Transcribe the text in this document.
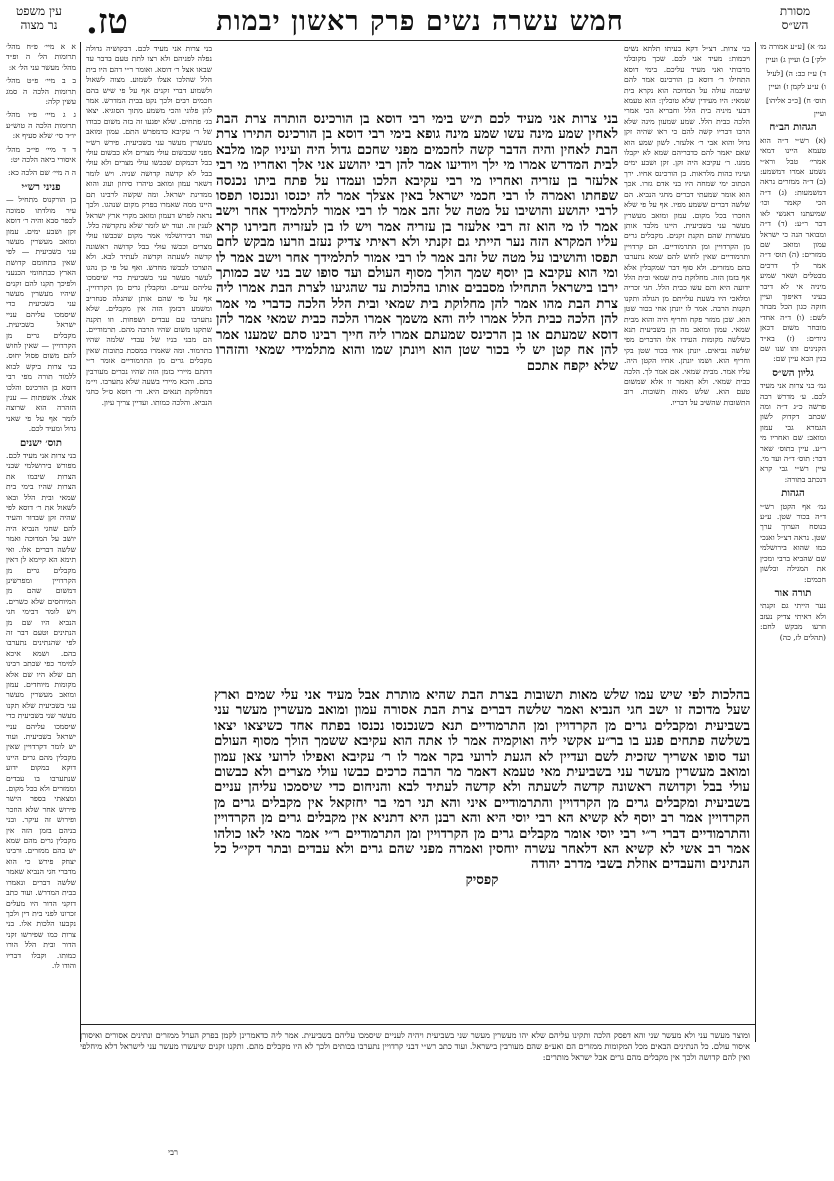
מסורת
הש״ס
חמש עשרה נשים פרק ראשון יבמות
טז.
עין משפט
נר מצוה

גמ׳ א) [ע״ע אמורה מו

ילק׳] ב) ועיין ג) ועיין

ד) ע״ז כב: ה) [לעיל

ו) ע״ע לקמן ז) ועיין

תוס׳ ח) [כ״כ אליהו]

ועיין

הגהות הב״ח

(א) רש״י ד״ה הוא טעמא היינו דמאי אמרי׳ טבל ורא״י נשמע אמרו דמשמע: (ב) ד״ה ממזרים נראה דמשמעות: (ג) ד״ה הכי קאמר וכו׳ שמיעתנו דאנשי לאו דבר ר״ע: (ד) ד״ה ומבואר הנה כי ישראל עמון ומואב שם ממזרים: (ה) תוס׳ ד״ה אמר לך דרכים מבטלים ושאר שמיע מיניה אי לא דיבר בעיני דאיפוך ועיין חזקה כגון הכל מבחר לשם: (ו) ד״ה אחדי מובחר משום דכאן גיורים: (ז) בא״ד הקנינים ותו שנו שם בנין הכא עיין שם:

גליון הש״ס

גמ׳ בני צרות אני מעיד לכם. ע׳ מדרש רבה פרשה כ״ג ד״ה ומה שכתב דקדוק לשון הגמרא גבי עמון ומואב: שם ואחריו מי ר״ע. עיין בתוס׳ שאר דבר: תוס׳ ד״ה ועד מי. עיין רש״י גבי קרא דנכתב בתורה:

הגהות

גמ׳ אף הקטן רש״י ד״ה בכור שטן. ע״ע בנוסח הערוך ערך שטן. נראה דצ״ל ואנכי כמו שהוא בירושלמי שם שהביא ברבי ומכין את המגילה ובלשון חכמים:

תורה אור

נער הייתי גם זקנתי ולא ראיתי צדיק נעזב וזרעו מבקש לחם: (תהלים לז, כה)

א א מיי׳ פ״ח מהל׳ תרומות הל׳ ה ופ״ד מהל׳ מעשר עני הל׳ א:

ב ב מיי׳ פ״ט מהל׳ תרומות הלכה ה סמג עשין קלה:

ג ג מיי׳ פ״ו מהל׳ תרומות הלכה ה טוש״ע יו״ד סי׳ שלא סעיף א:

ד ד מיי׳ פי״ב מהל׳ איסורי ביאה הלכה יט:

ה ה מיי׳ שם הלכה כא:

פניני רש״י

בן הורקנוס מתחיל — עיר מולדתו סמוכה לכפר סבא והיה ר׳ דוסא זקן ושבע ימים. עמון ומואב מעשרין מעשר עני בשביעית — לפי שאין בתחומם קדושת הארץ כבתחומי הכנעני ולפיכך תקנו להם זקנים שיהיו מעשרין מעשר עני בשביעית כדי שיסמכו עליהם עניי ישראל בשביעית. מקבלים גרים מן הקרדויין — שאין לחוש להם משום פסול יחוס. בני צרות ביקש לבוא ללמוד תורה מפי רבי דוסא בן הורכינס והלכו אצלו. אשפתות — ענין הזהרה הוא שרוצה לומר אף על פי שאני גדול ומעיד לכם.

תוס׳ ישנים

בני צרות אני מעיד לכם. מפורש בירושלמי שבני הצרות שיבמו את הצרות שהיו בימי בית שמאי ובית הלל ובאו לשאול את ר׳ דוסא לפי שהיה זקן שבדור והעיד להם שחגי הנביא היה יושב על המדוכה ואמר שלשה דברים אלו. ואי תימא הא קיימא לן דאין מקבלים גרים מן הקרדויין ומפרשינן דמשום שהם מן המיוחסים שלא כשרים. ויש לומר דבימי חגי הנביא היו שם מן הנתינים וטעם דבר זה לפי שהנתינים נתערבו בהם. ושמא איכא למימר כפי שכתב רבינו תם שלא היו שם אלא מקומות מיוחדים. עמון ומואב מעשרין מעשר עני בשביעית שלא תקנו מעשר שני בשביעית כדי שיסמכו עליהם עניי ישראל בשביעית. ועוד יש לומר דקרדויין שאין מקבלין מהם גרים היינו דוקא במקום ידוע שנתערבו בו עבדים וממזרים ולא בכל מקום. ומצאתי בספר הישר פירוש אחר שלא הוזכר ופירוש זה עיקר. ובני בניהם בזמן הזה אין מקבלין גרים מהם שמא יש בהם ממזרים. ורבינו יצחק פירש כי הוא מדברי חגי הנביא שאמר שלשה דברים ונאמרו בבית המדרש. ועוד כתב דזקני הדור היו מעלים זכרונו לפני בית דין ולכך נקבעו הלכות אלו. בני צרות כמו שפירשו זקני הדור ובית הלל הורו כמותו. וקבלו דבריו והודו לו.

בני צרות. דצ״ל דקא בעיתו תלתא נשים ויבמות: מעיד אני לכם. שכך מקובלני מרבותי ואני מעיד עליכם. בימי דוסא התחילו ר׳ דוסא בן הורכינס אמר להם שיבמה עולה על המדוכה הוא נקרא בית שמאי: היו מעידין שלא טובלין: הוא טעמא דבעי מיניה בית הלל וחבריא הכי אמרי הלכה כבית הלל. שמע שמעון מינה שלא הרבו דבריו קשה להם כי ראו שהיה זקן גדול והוא אבי ר׳ אלעזר. לשון שמע הוא שאם יאמר להם כדבריהם שמא לא יקבלו ממנו. ר׳ עקיבא היה זקן. זקן ושבע ימים ועיניו כהות מלראות. בן הורכינס אחיו. ירך הכתוב ימי שמחה היו בני אדם גזרו. אכך הוא אומר שמעתי דברים מחגי הנביא. הם שלשה דברים ששמע מפיו. אף על פי שלא הוזכרו בכל מקום. עמון ומואב מעשרין מעשר עני בשביעית. היינו מלבד אותן מעשרות שהם תקנת זקנים. מקבלים גרים מן הקרדויין ומן התרמודיים. הם קרדויין ותרמודיים שאין לחוש להם שמא נתערבו בהם ממזרים. ולא סוף דבר שמקבלין אלא אף בזמן הזה. מחלוקת בית שמאי ובית הלל ידועה היא והם עשו כבית הלל. חגי זכריה ומלאכי היו בשעת עלייתם מן הגולה ותקנו תקנות הרבה. אמר לו יונתן אחי בכור שטן הוא. שכן ממזר פקח וחריף היה והוא מבית שמאי. עמון ומואב מה הן בשביעית תנא בשלשה מקומות העידו אלו הדברים מפי שלשה נביאים. יונתן אחי בכור שטן בקי וחריף הוא. ושמו יונתן. אחיו הקטן היה. עליו אמר. מבית שמאי. אם אמר לך. הלכה כבית שמאי. ולא תאמר זו אלא שמשום טעם הוא. שלש מאות תשובות. רוב התשובות שהשיב על דבריו.

בני צרות אני מעיד לכם. דבקושיה גדולה נפלה לפניהם ולא רצו לתת טעם בדבר עד שבאו אצל ר׳ דוסא. ואומר ר״י דהם היו בית הלל שהלכו אצלו לשמוע. מצוה לשאול ולשמוע דברי זקנים אף על פי שיש בהם חכמים רבים ולכך נקט בבית המדרש. אמר להן פלוני והכי משמע מתוך הסוגיא. יצאו בג׳ פתחים. שלא יפגעו זה בזה משום כבודו של ר׳ עקיבא כדמפרש התם. עמון ומואב מעשרין מעשר עני בשביעית. פירש רש״י מפני שכבשום עולי מצרים ולא כבשום עולי בבל דבמקום שכבשו עולי מצרים ולא עולי בבל לא קדשה קדושה שניה. ויש לומר דשאר עמון ומואב טיהרו סיחון ועוג והוא ממדינת ישראל. ומה שקשה לרבינו תם היינו ממה שאמרו בפרק מקום שנהגו. ולכך נראה לפרש דעמון ומואב מקרי ארץ ישראל לענין זה. ועוד יש לומר שלא נתקדשה כלל. ועוד דבירושלמי אמר מקום שכבשו עולי מצרים וכבשו עולי בבל קדושה ראשונה קדשה לשעתה וקדשה לעתיד לבא. ולא הוצרכו לכבשו מחדש. ואף על פי כן נהגו לעשר מעשר עני בשביעית כדי שיסמכו עליהם עניים. ומקבלין גרים מן הקרדויין. אף על פי שהם אותן שהגלה סנחריב ומשמע דבזמן הזה אין מקבלים. שלא נתערבו עם עבדים ושפחות. וזו תקנה שתקנו משום שהיו הרבה מהם. תרמודיים. הם מבני בניו של עבדי שלמה שהיו בתרמוד. ומה שאמרו במסכת כתובות שאין מקבלים גרים מן התרמודיים אומר ר״י דהתם מיירי בזמן הזה שהיו נכרים מעורבין בהם. והכא מיירי בשעה שלא נתערבו. וי״מ דמחלוקת תנאים היא. ור׳ דוסא ס״ל כחגי הנביא. והלכה כמותו. ועדיין צריך עיון.

בני צרות אני מעיד לכם ת״ש בימי רבי דוסא בן הורכינס הותרה צרת הבת לאחין שמע מינה עשו שמע מינה גופא בימי רבי דוסא בן הורכינס התירו צרת הבת לאחין והיה הדבר קשה לחכמים מפני שחכם גדול היה ועיניו קמו מלבא לבית המדרש אמרו מי ילך ויודיעו אמר להן רבי יהושע אני אלך ואחריו מי רבי אלעזר בן עזריה ואחריו מי רבי עקיבא הלכו ועמדו על פתח ביתו נכנסה שפחתו ואמרה לו רבי חכמי ישראל באין אצלך אמר לה יכנסו ונכנסו תפסו לרבי יהושע והושיבו על מטה של זהב אמר לו רבי אמור לתלמידך אחר וישב אמר לו מי הוא זה רבי אלעזר בן עזריה אמר ויש לו בן לעזריה חבירנו קרא עליו המקרא הזה נער הייתי גם זקנתי ולא ראיתי צדיק נעזב וזרעו מבקש לחם תפסו והושיבו על מטה של זהב אמר לו רבי אמור לתלמידך אחר וישב אמר לו ומי הוא עקיבא בן יוסף שמך הולך מסוף העולם ועד סופו שב בני שב כמותך ירבו בישראל התחילו מסבבים אותו בהלכות עד שהגיעו לצרת הבת אמרו ליה צרת הבת מהו אמר להן מחלוקת בית שמאי ובית הלל הלכה כדברי מי אמר להן הלכה כבית הלל אמרו ליה והא משמך אמרו הלכה כבית שמאי אמר להן דוסא שמעתם או בן הרכינס שמעתם אמרו ליה חייך רבינו סתם שמענו אמר להן אח קטן יש לי בכור שטן הוא ויונתן שמו והוא מתלמידי שמאי והזהרו שלא יקפח אתכם

בהלכות לפי שיש עמו שלש מאות תשובות בצרת הבת שהיא מותרת אבל מעיד אני עלי שמים וארץ שעל מדוכה זו ישב חגי הנביא ואמר שלשה דברים צרת הבת אסורה עמון ומואב מעשרין מעשר עני בשביעית ומקבלים גרים מן הקרדויין ומן התרמודיים תנא כשנכנסו נכנסו בפתח אחד כשיצאו יצאו בשלשה פתחים פגע בו בר״ע אקשי ליה ואוקמיה אמר לו אתה הוא עקיבא ששמך הולך מסוף העולם ועד סופו אשריך שזכית לשם ועדיין לא הגעת לרועי בקר אמר לו ר׳ עקיבא ואפילו לרועי צאן עמון ומואב מעשרין מעשר עני בשביעית מאי טעמא דאמר מר הרבה כרכים כבשו עולי מצרים ולא כבשום עולי בבל וקדושה ראשונה קדשה לשעתה ולא קדשה לעתיד לבא והניחום כדי שיסמכו עליהן עניים בשביעית ומקבלים גרים מן הקרדויין והתרמודיים איני והא תני רמי בר יחזקאל אין מקבלים גרים מן הקרדויין אמר רב יוסף לא קשיא הא רבי יוסי היא והא רבנן היא דתניא אין מקבלים גרים מן הקרדויין והתרמודיים דברי ר״י רבי יוסי אומר מקבלים גרים מן הקרדויין ומן התרמודיים ר״י אמר מאי לאו כולהו אמר רב אשי לא קשיא הא דלאחר עשרה יוחסין ואמרה מפני שהם גרים ולא עבדים ובתר דקי״ל כל הנתינים והעבדים אוזלת בשבי מדרב יהודה

קפסיק

ומוצר מעשר עני ולא מעשר שני והא דפסק הלכה ותקינו עליהם שלא יהו מעשרין מעשר שני בשביעית ויהיה לעניים שיסמכו עליהם בשביעית. אמר ליה כדאמרינן לקמן בפרק הערל ממזרים ונתינים אסורים ואיסורן איסור עולם. כל הנתינים הבאים מכל המקומות ממזרים הם ואע״פ שהם מעורבין בישראל. ועוד כתב רש״י דבני קרדויין נתערבו בכותים ולכך לא היו מקבלים מהם. ותקנו זקנים שיעשרו מעשר עני לישראל דלא מיחלפי ואין להם קדושה ולכך אין מקבלים מהם גרים אבל ישראל מותרים:

רבי
